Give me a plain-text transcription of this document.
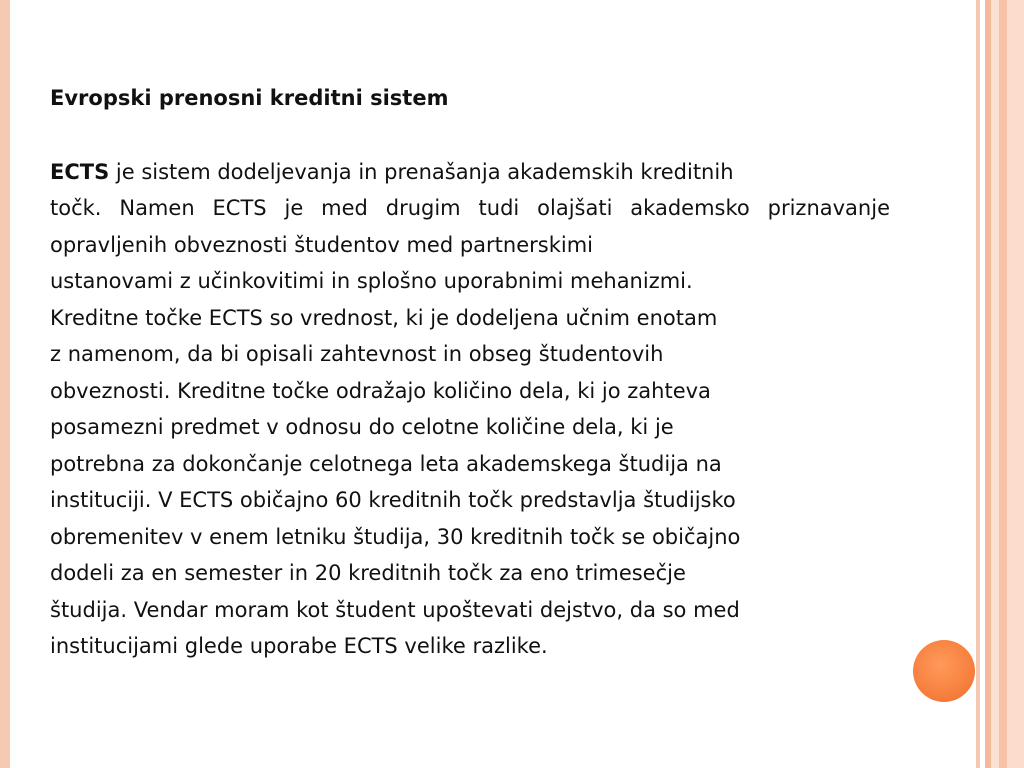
Evropski prenosni kreditni sistem

ECTS je sistem dodeljevanja in prenašanja akademskih kreditnih
točk. Namen ECTS je med drugim tudi olajšati akademsko priznavanje
opravljenih obveznosti študentov med partnerskimi
ustanovami z učinkovitimi in splošno uporabnimi mehanizmi.
Kreditne točke ECTS so vrednost, ki je dodeljena učnim enotam
z namenom, da bi opisali zahtevnost in obseg študentovih
obveznosti. Kreditne točke odražajo količino dela, ki jo zahteva
posamezni predmet v odnosu do celotne količine dela, ki je
potrebna za dokončanje celotnega leta akademskega študija na
instituciji. V ECTS običajno 60 kreditnih točk predstavlja študijsko
obremenitev v enem letniku študija, 30 kreditnih točk se običajno
dodeli za en semester in 20 kreditnih točk za eno trimesečje
študija. Vendar moram kot študent upoštevati dejstvo, da so med
institucijami glede uporabe ECTS velike razlike.
